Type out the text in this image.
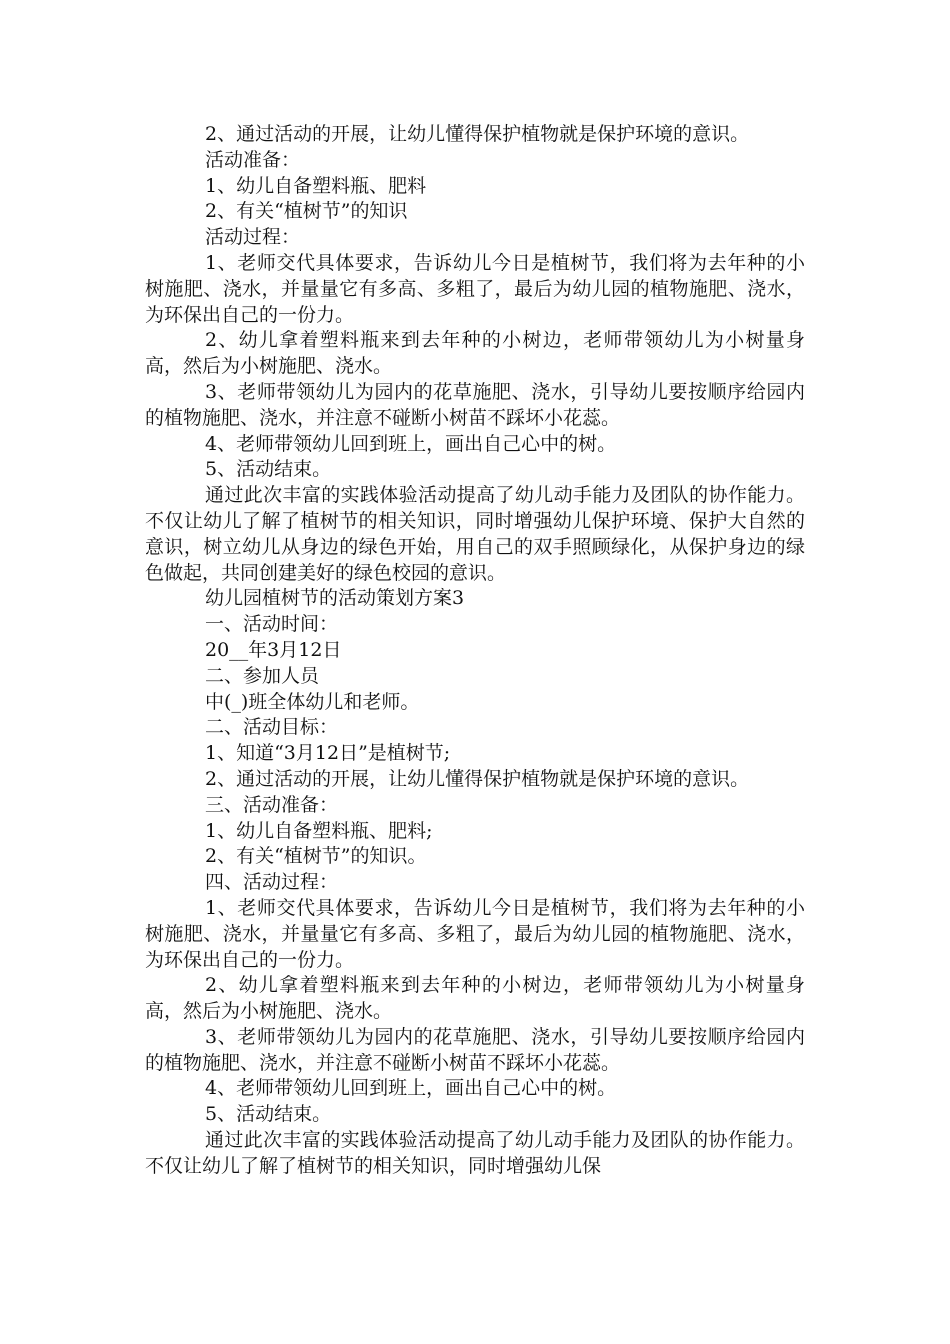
2、通过活动的开展，让幼儿懂得保护植物就是保护环境的意识。

活动准备：

1、幼儿自备塑料瓶、肥料

2、有关“植树节”的知识

活动过程：

1、老师交代具体要求，告诉幼儿今日是植树节，我们将为去年种的小树施肥、浇水，并量量它有多高、多粗了，最后为幼儿园的植物施肥、浇水，为环保出自己的一份力。

2、幼儿拿着塑料瓶来到去年种的小树边，老师带领幼儿为小树量身高，然后为小树施肥、浇水。

3、老师带领幼儿为园内的花草施肥、浇水，引导幼儿要按顺序给园内的植物施肥、浇水，并注意不碰断小树苗不踩坏小花蕊。

4、老师带领幼儿回到班上，画出自己心中的树。

5、活动结束。

通过此次丰富的实践体验活动提高了幼儿动手能力及团队的协作能力。不仅让幼儿了解了植树节的相关知识，同时增强幼儿保护环境、保护大自然的意识，树立幼儿从身边的绿色开始，用自己的双手照顾绿化，从保护身边的绿色做起，共同创建美好的绿色校园的意识。

幼儿园植树节的活动策划方案3

一、活动时间：

20__年3月12日

二、参加人员

中(_)班全体幼儿和老师。

二、活动目标：

1、知道“3月12日”是植树节;

2、通过活动的开展，让幼儿懂得保护植物就是保护环境的意识。

三、活动准备：

1、幼儿自备塑料瓶、肥料;

2、有关“植树节”的知识。

四、活动过程：

1、老师交代具体要求，告诉幼儿今日是植树节，我们将为去年种的小树施肥、浇水，并量量它有多高、多粗了，最后为幼儿园的植物施肥、浇水，为环保出自己的一份力。

2、幼儿拿着塑料瓶来到去年种的小树边，老师带领幼儿为小树量身高，然后为小树施肥、浇水。

3、老师带领幼儿为园内的花草施肥、浇水，引导幼儿要按顺序给园内的植物施肥、浇水，并注意不碰断小树苗不踩坏小花蕊。

4、老师带领幼儿回到班上，画出自己心中的树。

5、活动结束。

通过此次丰富的实践体验活动提高了幼儿动手能力及团队的协作能力。不仅让幼儿了解了植树节的相关知识，同时增强幼儿保
